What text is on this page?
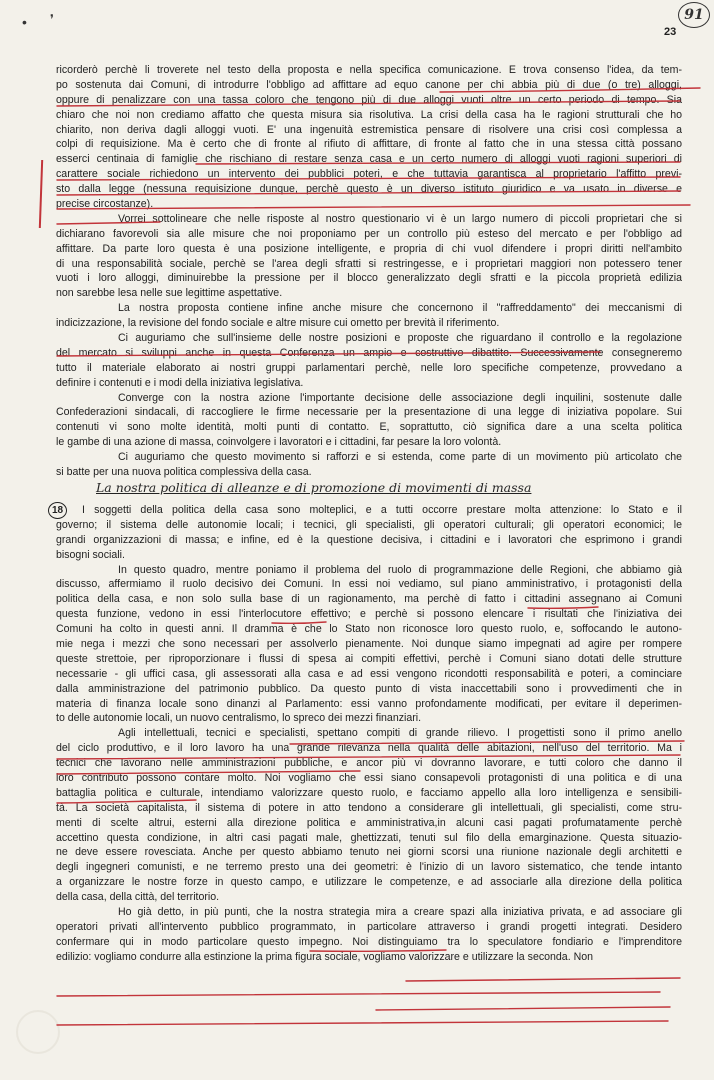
• ❜
23
91
ricorderò perchè li troverete nel testo della proposta e nella specifica comunicazione. E trova consenso l'idea, da tem-
po sostenuta dai Comuni, di introdurre l'obbligo ad affittare ad equo canone per chi abbia più di due (o tre) alloggi,
oppure di penalizzare con una tassa coloro che tengono più di due alloggi vuoti oltre un certo periodo di tempo. Sia
chiaro che noi non crediamo affatto che questa misura sia risolutiva. La crisi della casa ha le ragioni strutturali che ho
chiarito, non deriva dagli alloggi vuoti. E' una ingenuità estremistica pensare di risolvere una crisi così complessa a
colpi di requisizione. Ma è certo che di fronte al rifiuto di affittare, di fronte al fatto che in una stessa città possano
esserci centinaia di famiglie che rischiano di restare senza casa e un certo numero di alloggi vuoti ragioni superiori di
carattere sociale richiedono un intervento dei pubblici poteri, e che tuttavia garantisca al proprietario l'affitto previ-
sto dalla legge (nessuna requisizione dunque, perchè questo è un diverso istituto giuridico e va usato in diverse e
precise circostanze).
Vorrei sottolineare che nelle risposte al nostro questionario vi è un largo numero di piccoli proprietari che si
dichiarano favorevoli sia alle misure che noi proponiamo per un controllo più esteso del mercato e per l'obbligo ad
affittare. Da parte loro questa è una posizione intelligente, e propria di chi vuol difendere i propri diritti nell'ambito
di una responsabilità sociale, perchè se l'area degli sfratti si restringesse, e i proprietari maggiori non potessero tener
vuoti i loro alloggi, diminuirebbe la pressione per il blocco generalizzato degli sfratti e la piccola proprietà edilizia
non sarebbe lesa nelle sue legittime aspettative.
La nostra proposta contiene infine anche misure che concernono il "raffreddamento" dei meccanismi di
indicizzazione, la revisione del fondo sociale e altre misure cui ometto per brevità il riferimento.
Ci auguriamo che sull'insieme delle nostre posizioni e proposte che riguardano il controllo e la regolazione
del mercato si sviluppi anche in questa Conferenza un ampio e costruttivo dibattito. Successivamente consegneremo
tutto il materiale elaborato ai nostri gruppi parlamentari perchè, nelle loro specifiche competenze, provvedano a
definire i contenuti e i modi della iniziativa legislativa.
Converge con la nostra azione l'importante decisione delle associazione degli inquilini, sostenute dalle
Confederazioni sindacali, di raccogliere le firme necessarie per la presentazione di una legge di iniziativa popolare. Sui
contenuti vi sono molte identità, molti punti di contatto. E, soprattutto, ciò significa dare a una scelta politica
le gambe di una azione di massa, coinvolgere i lavoratori e i cittadini, far pesare la loro volontà.
Ci auguriamo che questo movimento si rafforzi e si estenda, come parte di un movimento più articolato che
si batte per una nuova politica complessiva della casa.
La nostra politica di alleanze e di promozione di movimenti di massa
18	I soggetti della politica della casa sono molteplici, e a tutti occorre prestare molta attenzione: lo Stato e il
governo; il sistema delle autonomie locali; i tecnici, gli specialisti, gli operatori culturali; gli operatori economici; le
grandi organizzazioni di massa; e infine, ed è la questione decisiva, i cittadini e i lavoratori che esprimono i grandi
bisogni sociali.
In questo quadro, mentre poniamo il problema del ruolo di programmazione delle Regioni, che abbiamo già
discusso, affermiamo il ruolo decisivo dei Comuni. In essi noi vediamo, sul piano amministrativo, i protagonisti della
politica della casa, e non solo sulla base di un ragionamento, ma perchè di fatto i cittadini assegnano ai Comuni
questa funzione, vedono in essi l'interlocutore effettivo; e perchè si possono elencare i risultati che l'iniziativa dei
Comuni ha colto in questi anni. Il dramma è che lo Stato non riconosce loro questo ruolo, e, soffocando le autono-
mie nega i mezzi che sono necessari per assolverlo pienamente. Noi dunque siamo impegnati ad agire per rompere
queste strettoie, per riproporzionare i flussi di spesa ai compiti effettivi, perchè i Comuni siano dotati delle strutture
necessarie - gli uffici casa, gli assessorati alla casa e ad essi vengono ricondotti responsabilità e poteri, a cominciare
dalla amministrazione del patrimonio pubblico. Da questo punto di vista inaccettabili sono i provvedimenti che in
materia di finanza locale sono dinanzi al Parlamento: essi vanno profondamente modificati, per evitare il deperimen-
to delle autonomie locali, un nuovo centralismo, lo spreco dei mezzi finanziari.
Agli intellettuali, tecnici e specialisti, spettano compiti di grande rilievo. I progettisti sono il primo anello
del ciclo produttivo, e il loro lavoro ha una grande rilevanza nella qualità delle abitazioni, nell'uso del territorio. Ma i
tecnici che lavorano nelle amministrazioni pubbliche, e ancor più vi dovranno lavorare, e tutti coloro che danno il
loro contributo possono contare molto. Noi vogliamo che essi siano consapevoli protagonisti di una politica e di una
battaglia politica e culturale, intendiamo valorizzare questo ruolo, e facciamo appello alla loro intelligenza e sensibili-
tà. La società capitalista, il sistema di potere in atto tendono a considerare gli intellettuali, gli specialisti, come stru-
menti di scelte altrui, esterni alla direzione politica e amministrativa,in alcuni casi pagati profumatamente perchè
accettino questa condizione, in altri casi pagati male, ghettizzati, tenuti sul filo della emarginazione. Questa situazio-
ne deve essere rovesciata. Anche per questo abbiamo tenuto nei giorni scorsi una riunione nazionale degli architetti e
degli ingegneri comunisti, e ne terremo presto una dei geometri: è l'inizio di un lavoro sistematico, che tende intanto
a organizzare le nostre forze in questo campo, e utilizzare le competenze, e ad associarle alla direzione della politica
della casa, della città, del territorio.
Ho già detto, in più punti, che la nostra strategia mira a creare spazi alla iniziativa privata, e ad associare gli
operatori privati all'intervento pubblico programmato, in particolare attraverso i grandi progetti integrati. Desidero
confermare qui in modo particolare questo impegno. Noi distinguiamo tra lo speculatore fondiario e l'imprenditore
edilizio: vogliamo condurre alla estinzione la prima figura sociale, vogliamo valorizzare e utilizzare la seconda. Non
